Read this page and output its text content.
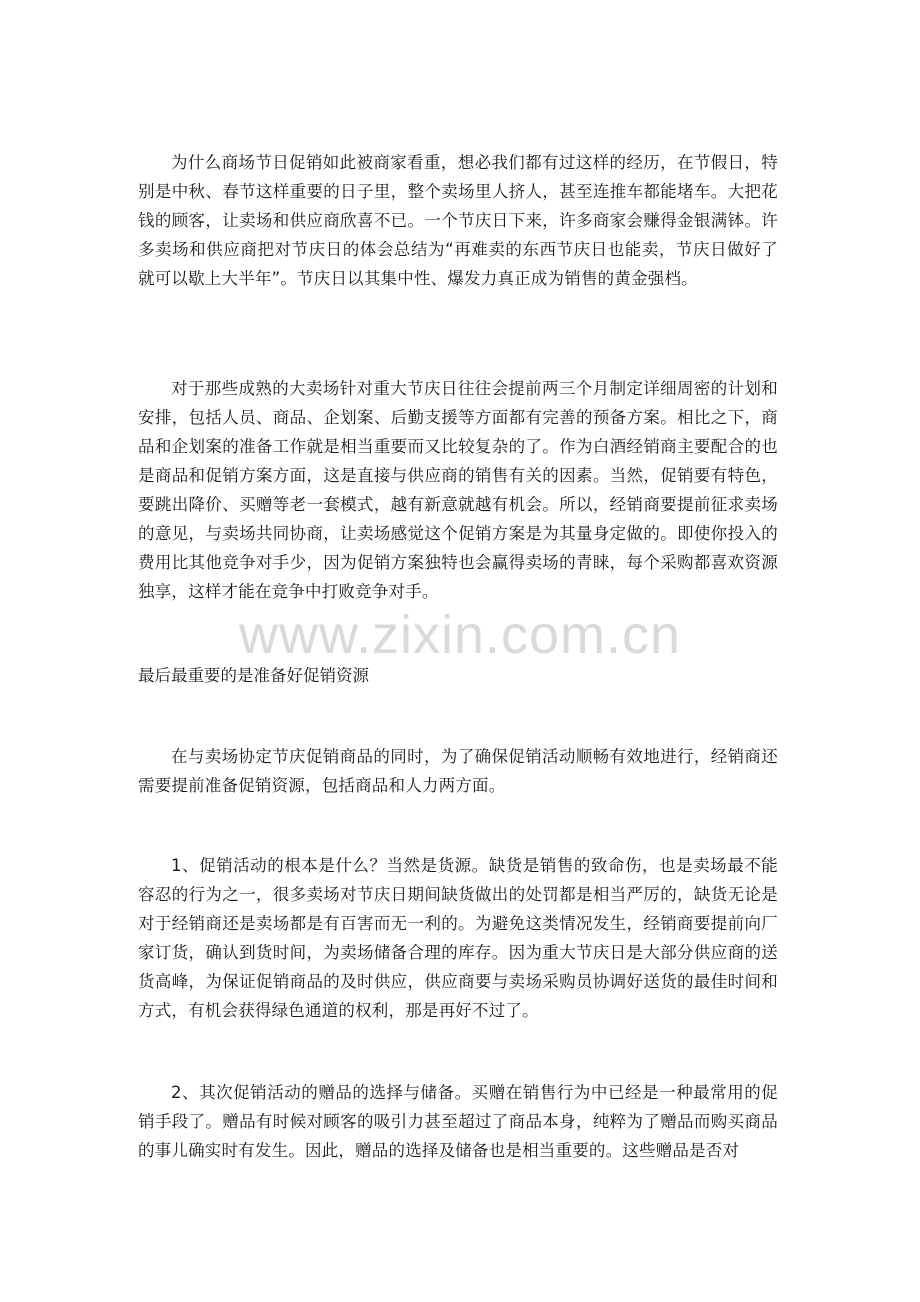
为什么商场节日促销如此被商家看重，想必我们都有过这样的经历，在节假日，特别是中秋、春节这样重要的日子里，整个卖场里人挤人，甚至连推车都能堵车。大把花钱的顾客，让卖场和供应商欣喜不已。一个节庆日下来，许多商家会赚得金银满钵。许多卖场和供应商把对节庆日的体会总结为“再难卖的东西节庆日也能卖，节庆日做好了就可以歇上大半年”。节庆日以其集中性、爆发力真正成为销售的黄金强档。

对于那些成熟的大卖场针对重大节庆日往往会提前两三个月制定详细周密的计划和安排，包括人员、商品、企划案、后勤支援等方面都有完善的预备方案。相比之下，商品和企划案的准备工作就是相当重要而又比较复杂的了。作为白酒经销商主要配合的也是商品和促销方案方面，这是直接与供应商的销售有关的因素。当然，促销要有特色，要跳出降价、买赠等老一套模式，越有新意就越有机会。所以，经销商要提前征求卖场的意见，与卖场共同协商，让卖场感觉这个促销方案是为其量身定做的。即使你投入的费用比其他竞争对手少，因为促销方案独特也会赢得卖场的青睐，每个采购都喜欢资源独享，这样才能在竞争中打败竞争对手。

www.zixin.com.cn

最后最重要的是准备好促销资源

在与卖场协定节庆促销商品的同时，为了确保促销活动顺畅有效地进行，经销商还需要提前准备促销资源，包括商品和人力两方面。

1、促销活动的根本是什么？当然是货源。缺货是销售的致命伤，也是卖场最不能容忍的行为之一，很多卖场对节庆日期间缺货做出的处罚都是相当严厉的，缺货无论是对于经销商还是卖场都是有百害而无一利的。为避免这类情况发生，经销商要提前向厂家订货，确认到货时间，为卖场储备合理的库存。因为重大节庆日是大部分供应商的送货高峰，为保证促销商品的及时供应，供应商要与卖场采购员协调好送货的最佳时间和方式，有机会获得绿色通道的权利，那是再好不过了。

2、其次促销活动的赠品的选择与储备。买赠在销售行为中已经是一种最常用的促销手段了。赠品有时候对顾客的吸引力甚至超过了商品本身，纯粹为了赠品而购买商品的事儿确实时有发生。因此，赠品的选择及储备也是相当重要的。这些赠品是否对
